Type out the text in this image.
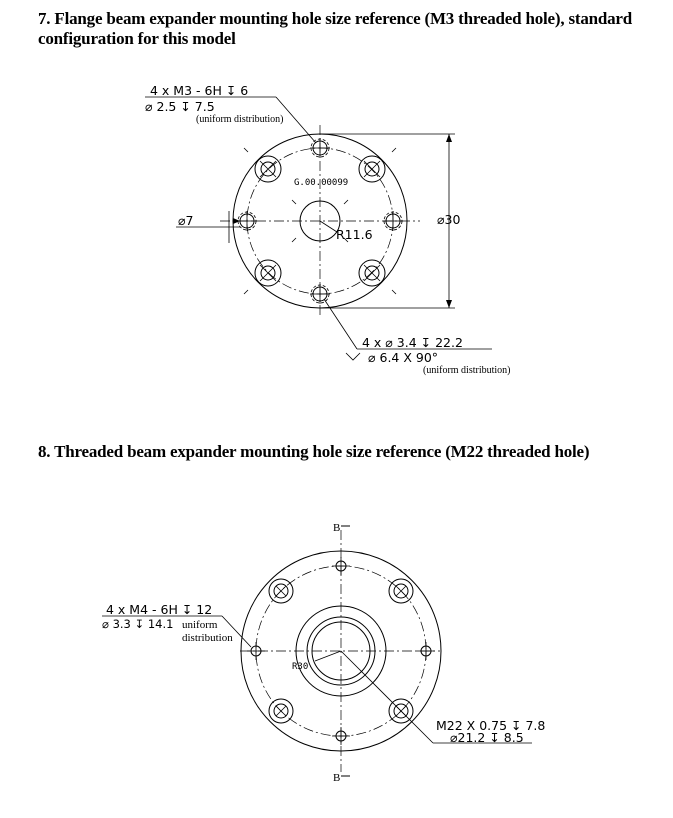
7. Flange beam expander mounting hole size reference (M3 threaded hole), standard configuration for this model
8. Threaded beam expander mounting hole size reference (M22 threaded hole)
4 x M3 - 6H ↧ 6
⌀ 2.5 ↧ 7.5
(uniform distribution)
G.00.00099
⌀7	⌀30
R11.6
4 x ⌀ 3.4 ↧ 22.2
⌀ 6.4 X 90°
(uniform distribution)
B
B
4 x M4 - 6H ↧ 12
⌀ 3.3 ↧ 14.1 uniform
distribution
R30
M22 X 0.75 ↧ 7.8
⌀21.2 ↧ 8.5
